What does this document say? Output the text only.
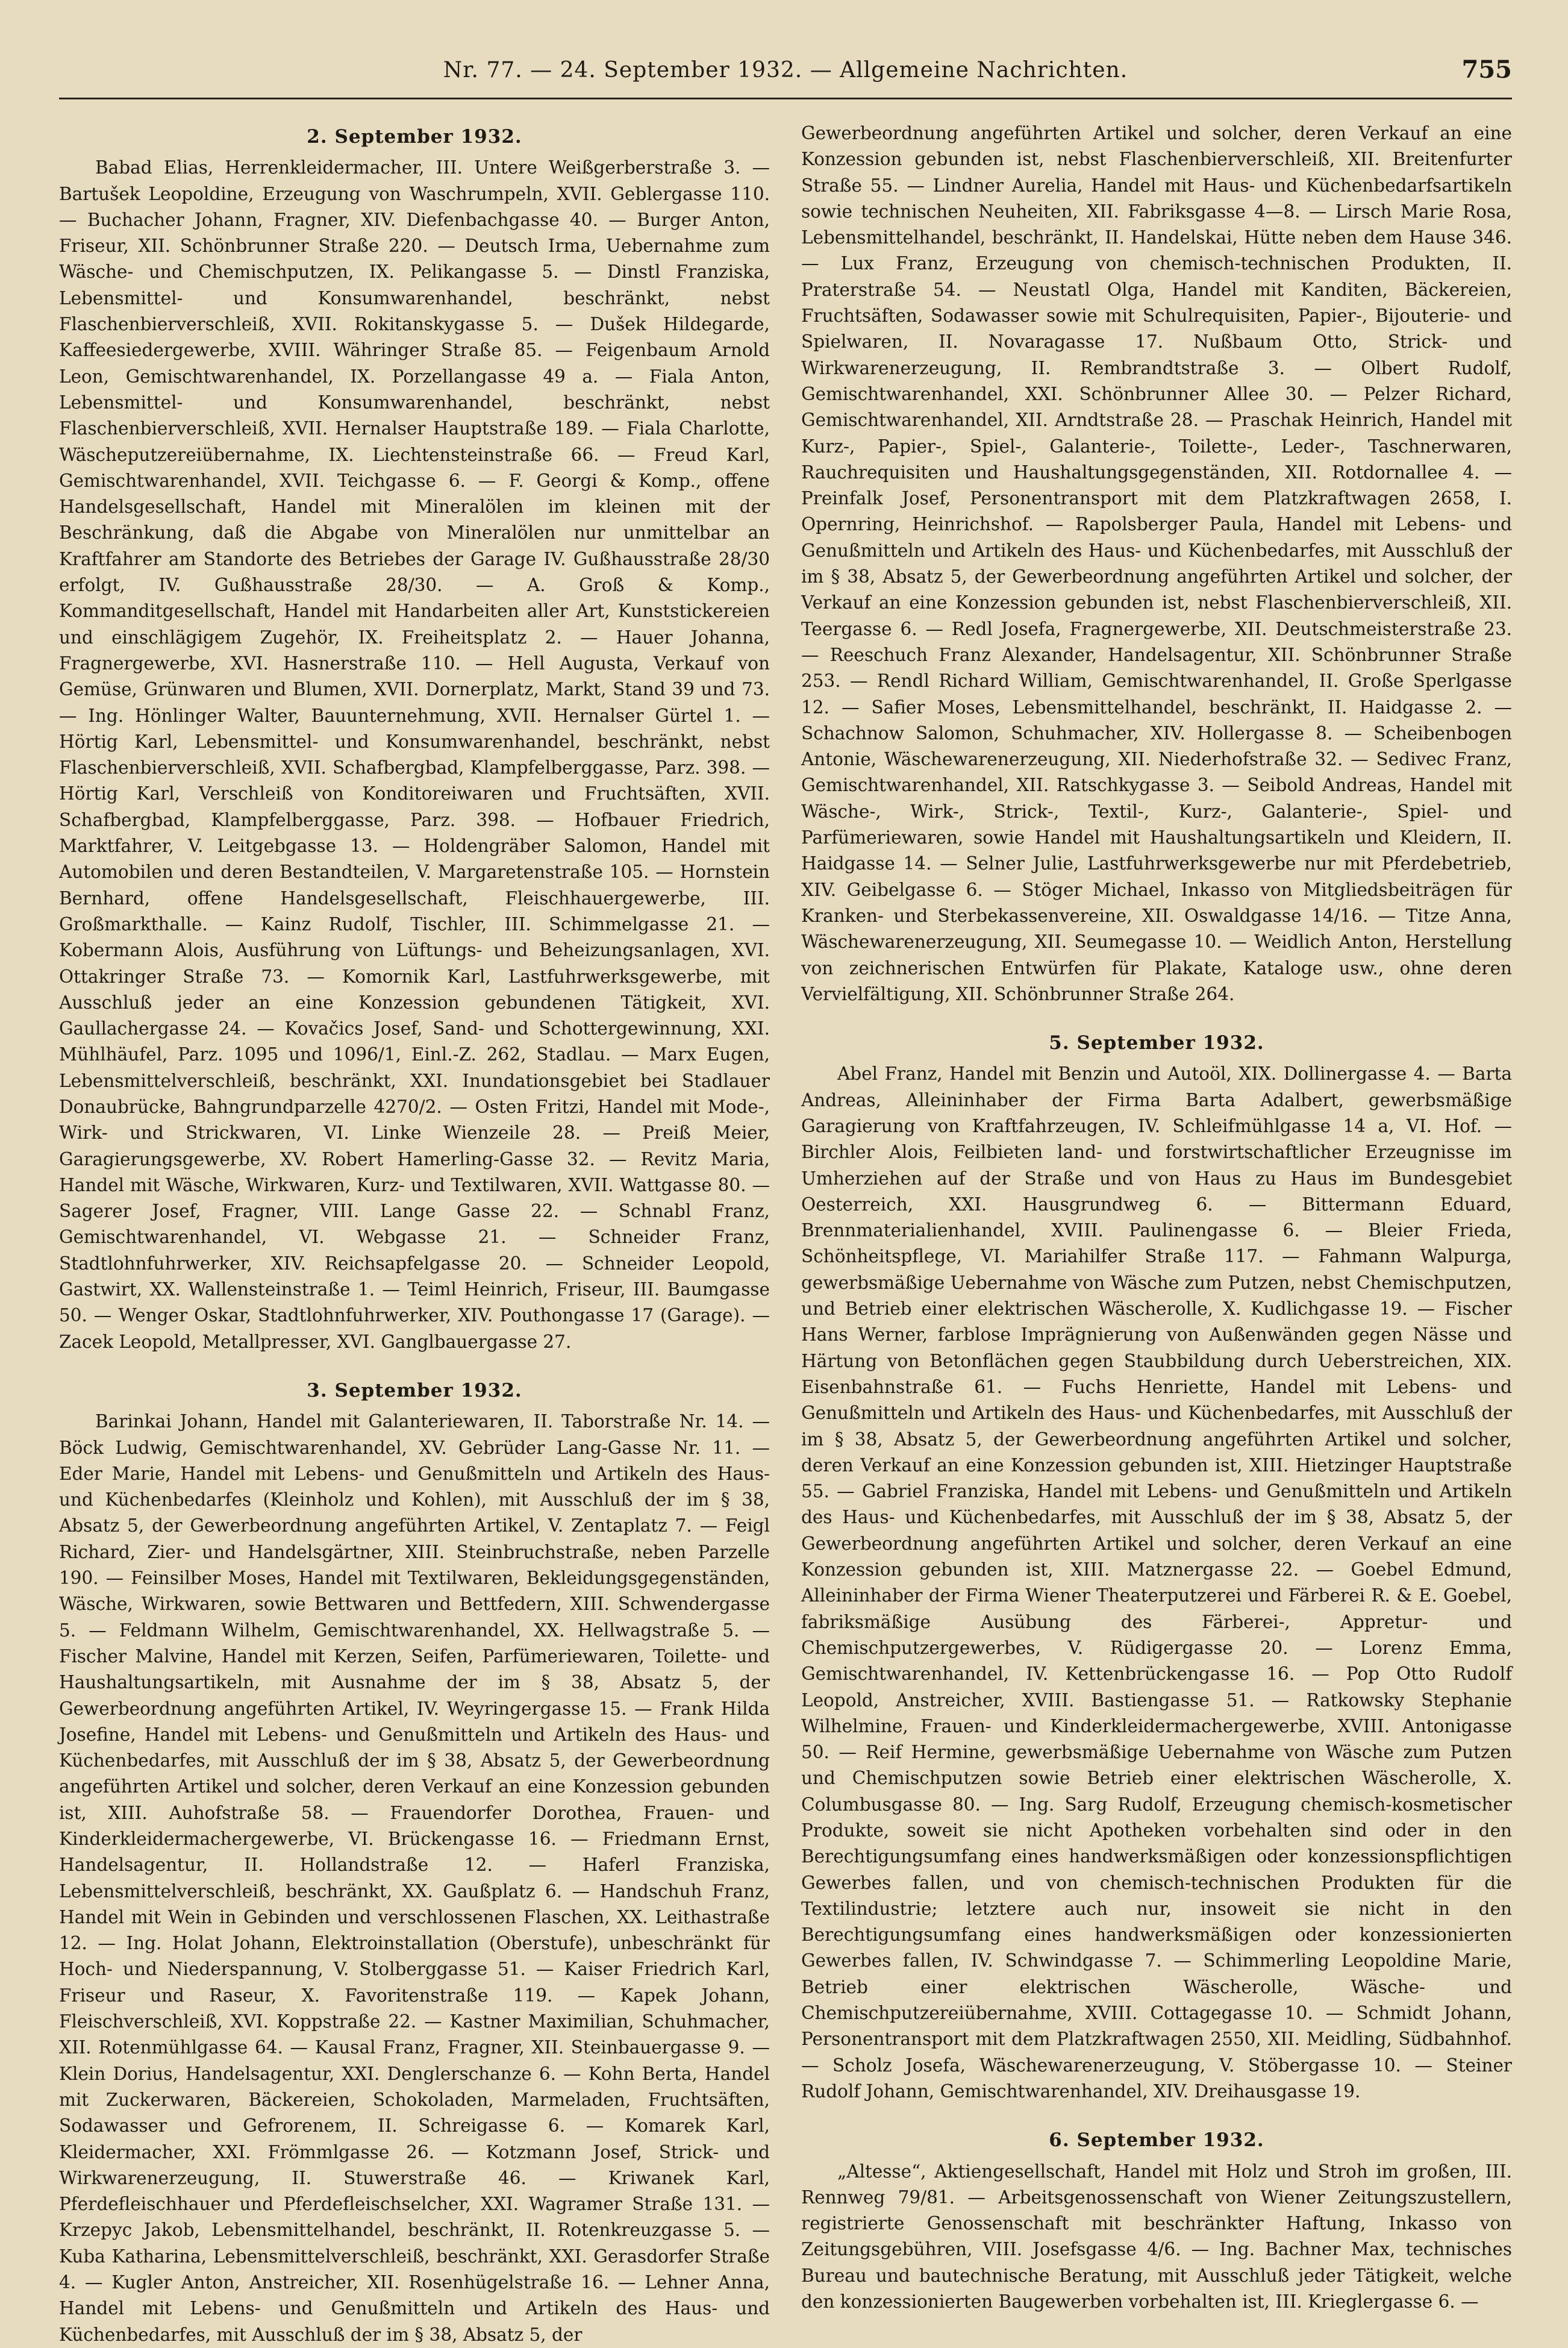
Nr. 77. — 24. September 1932. — Allgemeine Nachrichten.	755
2. September 1932.

Babad Elias, Herrenkleidermacher, III. Untere Weißgerberstraße 3. — Bartušek Leopoldine, Erzeugung von Waschrumpeln, XVII. Geblergasse 110. — Buchacher Johann, Fragner, XIV. Diefenbachgasse 40. — Burger Anton, Friseur, XII. Schönbrunner Straße 220. — Deutsch Irma, Uebernahme zum Wäsche- und Chemischputzen, IX. Pelikangasse 5. — Dinstl Franziska, Lebensmittel- und Konsumwarenhandel, beschränkt, nebst Flaschenbierverschleiß, XVII. Rokitanskygasse 5. — Dušek Hildegarde, Kaffeesiedergewerbe, XVIII. Währinger Straße 85. — Feigenbaum Arnold Leon, Gemischtwarenhandel, IX. Porzellangasse 49 a. — Fiala Anton, Lebensmittel- und Konsumwarenhandel, beschränkt, nebst Flaschenbierverschleiß, XVII. Hernalser Hauptstraße 189. — Fiala Charlotte, Wäscheputzereiübernahme, IX. Liechtensteinstraße 66. — Freud Karl, Gemischtwarenhandel, XVII. Teichgasse 6. — F. Georgi & Komp., offene Handelsgesellschaft, Handel mit Mineralölen im kleinen mit der Beschränkung, daß die Abgabe von Mineralölen nur unmittelbar an Kraftfahrer am Standorte des Betriebes der Garage IV. Gußhausstraße 28/30 erfolgt, IV. Gußhausstraße 28/30. — A. Groß & Komp., Kommanditgesellschaft, Handel mit Handarbeiten aller Art, Kunststickereien und einschlägigem Zugehör, IX. Freiheitsplatz 2. — Hauer Johanna, Fragnergewerbe, XVI. Hasnerstraße 110. — Hell Augusta, Verkauf von Gemüse, Grünwaren und Blumen, XVII. Dornerplatz, Markt, Stand 39 und 73. — Ing. Hönlinger Walter, Bauunternehmung, XVII. Hernalser Gürtel 1. — Hörtig Karl, Lebensmittel- und Konsumwarenhandel, beschränkt, nebst Flaschenbierverschleiß, XVII. Schafbergbad, Klampfelberggasse, Parz. 398. — Hörtig Karl, Verschleiß von Konditoreiwaren und Fruchtsäften, XVII. Schafbergbad, Klampfelberggasse, Parz. 398. — Hofbauer Friedrich, Marktfahrer, V. Leitgebgasse 13. — Holdengräber Salomon, Handel mit Automobilen und deren Bestandteilen, V. Margaretenstraße 105. — Hornstein Bernhard, offene Handelsgesellschaft, Fleischhauergewerbe, III. Großmarkthalle. — Kainz Rudolf, Tischler, III. Schimmelgasse 21. — Kobermann Alois, Ausführung von Lüftungs- und Beheizungsanlagen, XVI. Ottakringer Straße 73. — Komornik Karl, Lastfuhrwerksgewerbe, mit Ausschluß jeder an eine Konzession gebundenen Tätigkeit, XVI. Gaullachergasse 24. — Kovačics Josef, Sand- und Schottergewinnung, XXI. Mühlhäufel, Parz. 1095 und 1096/1, Einl.-Z. 262, Stadlau. — Marx Eugen, Lebensmittelverschleiß, beschränkt, XXI. Inundationsgebiet bei Stadlauer Donaubrücke, Bahngrundparzelle 4270/2. — Osten Fritzi, Handel mit Mode-, Wirk- und Strickwaren, VI. Linke Wienzeile 28. — Preiß Meier, Garagierungsgewerbe, XV. Robert Hamerling-Gasse 32. — Revitz Maria, Handel mit Wäsche, Wirkwaren, Kurz- und Textilwaren, XVII. Wattgasse 80. — Sagerer Josef, Fragner, VIII. Lange Gasse 22. — Schnabl Franz, Gemischtwarenhandel, VI. Webgasse 21. — Schneider Franz, Stadtlohnfuhrwerker, XIV. Reichsapfelgasse 20. — Schneider Leopold, Gastwirt, XX. Wallensteinstraße 1. — Teiml Heinrich, Friseur, III. Baumgasse 50. — Wenger Oskar, Stadtlohnfuhrwerker, XIV. Pouthongasse 17 (Garage). — Zacek Leopold, Metallpresser, XVI. Ganglbauergasse 27.

3. September 1932.

Barinkai Johann, Handel mit Galanteriewaren, II. Taborstraße Nr. 14. — Böck Ludwig, Gemischtwarenhandel, XV. Gebrüder Lang-Gasse Nr. 11. — Eder Marie, Handel mit Lebens- und Genußmitteln und Artikeln des Haus- und Küchenbedarfes (Kleinholz und Kohlen), mit Ausschluß der im § 38, Absatz 5, der Gewerbeordnung angeführten Artikel, V. Zentaplatz 7. — Feigl Richard, Zier- und Handelsgärtner, XIII. Steinbruchstraße, neben Parzelle 190. — Feinsilber Moses, Handel mit Textilwaren, Bekleidungsgegenständen, Wäsche, Wirkwaren, sowie Bettwaren und Bettfedern, XIII. Schwendergasse 5. — Feldmann Wilhelm, Gemischtwarenhandel, XX. Hellwagstraße 5. — Fischer Malvine, Handel mit Kerzen, Seifen, Parfümeriewaren, Toilette- und Haushaltungsartikeln, mit Ausnahme der im § 38, Absatz 5, der Gewerbeordnung angeführten Artikel, IV. Weyringergasse 15. — Frank Hilda Josefine, Handel mit Lebens- und Genußmitteln und Artikeln des Haus- und Küchenbedarfes, mit Ausschluß der im § 38, Absatz 5, der Gewerbeordnung angeführten Artikel und solcher, deren Verkauf an eine Konzession gebunden ist, XIII. Auhofstraße 58. — Frauendorfer Dorothea, Frauen- und Kinderkleidermachergewerbe, VI. Brückengasse 16. — Friedmann Ernst, Handelsagentur, II. Hollandstraße 12. — Haferl Franziska, Lebensmittelverschleiß, beschränkt, XX. Gaußplatz 6. — Handschuh Franz, Handel mit Wein in Gebinden und verschlossenen Flaschen, XX. Leithastraße 12. — Ing. Holat Johann, Elektroinstallation (Oberstufe), unbeschränkt für Hoch- und Niederspannung, V. Stolberggasse 51. — Kaiser Friedrich Karl, Friseur und Raseur, X. Favoritenstraße 119. — Kapek Johann, Fleischverschleiß, XVI. Koppstraße 22. — Kastner Maximilian, Schuhmacher, XII. Rotenmühlgasse 64. — Kausal Franz, Fragner, XII. Steinbauergasse 9. — Klein Dorius, Handelsagentur, XXI. Denglerschanze 6. — Kohn Berta, Handel mit Zuckerwaren, Bäckereien, Schokoladen, Marmeladen, Fruchtsäften, Sodawasser und Gefrorenem, II. Schreigasse 6. — Komarek Karl, Kleidermacher, XXI. Frömmlgasse 26. — Kotzmann Josef, Strick- und Wirkwarenerzeugung, II. Stuwerstraße 46. — Kriwanek Karl, Pferdefleischhauer und Pferdefleischselcher, XXI. Wagramer Straße 131. — Krzepyc Jakob, Lebensmittelhandel, beschränkt, II. Rotenkreuzgasse 5. — Kuba Katharina, Lebensmittelverschleiß, beschränkt, XXI. Gerasdorfer Straße 4. — Kugler Anton, Anstreicher, XII. Rosenhügelstraße 16. — Lehner Anna, Handel mit Lebens- und Genußmitteln und Artikeln des Haus- und Küchenbedarfes, mit Ausschluß der im § 38, Absatz 5, der

Gewerbeordnung angeführten Artikel und solcher, deren Verkauf an eine Konzession gebunden ist, nebst Flaschenbierverschleiß, XII. Breitenfurter Straße 55. — Lindner Aurelia, Handel mit Haus- und Küchenbedarfsartikeln sowie technischen Neuheiten, XII. Fabriksgasse 4—8. — Lirsch Marie Rosa, Lebensmittelhandel, beschränkt, II. Handelskai, Hütte neben dem Hause 346. — Lux Franz, Erzeugung von chemisch-technischen Produkten, II. Praterstraße 54. — Neustatl Olga, Handel mit Kanditen, Bäckereien, Fruchtsäften, Sodawasser sowie mit Schulrequisiten, Papier-, Bijouterie- und Spielwaren, II. Novaragasse 17. Nußbaum Otto, Strick- und Wirkwarenerzeugung, II. Rembrandtstraße 3. — Olbert Rudolf, Gemischtwarenhandel, XXI. Schönbrunner Allee 30. — Pelzer Richard, Gemischtwarenhandel, XII. Arndtstraße 28. — Praschak Heinrich, Handel mit Kurz-, Papier-, Spiel-, Galanterie-, Toilette-, Leder-, Taschnerwaren, Rauchrequisiten und Haushaltungsgegenständen, XII. Rotdornallee 4. — Preinfalk Josef, Personentransport mit dem Platzkraftwagen 2658, I. Opernring, Heinrichshof. — Rapolsberger Paula, Handel mit Lebens- und Genußmitteln und Artikeln des Haus- und Küchenbedarfes, mit Ausschluß der im § 38, Absatz 5, der Gewerbeordnung angeführten Artikel und solcher, der Verkauf an eine Konzession gebunden ist, nebst Flaschenbierverschleiß, XII. Teergasse 6. — Redl Josefa, Fragnergewerbe, XII. Deutschmeisterstraße 23. — Reeschuch Franz Alexander, Handelsagentur, XII. Schönbrunner Straße 253. — Rendl Richard William, Gemischtwarenhandel, II. Große Sperlgasse 12. — Safier Moses, Lebensmittelhandel, beschränkt, II. Haidgasse 2. — Schachnow Salomon, Schuhmacher, XIV. Hollergasse 8. — Scheibenbogen Antonie, Wäschewarenerzeugung, XII. Niederhofstraße 32. — Sedivec Franz, Gemischtwarenhandel, XII. Ratschkygasse 3. — Seibold Andreas, Handel mit Wäsche-, Wirk-, Strick-, Textil-, Kurz-, Galanterie-, Spiel- und Parfümeriewaren, sowie Handel mit Haushaltungsartikeln und Kleidern, II. Haidgasse 14. — Selner Julie, Lastfuhrwerksgewerbe nur mit Pferdebetrieb, XIV. Geibelgasse 6. — Stöger Michael, Inkasso von Mitgliedsbeiträgen für Kranken- und Sterbekassenvereine, XII. Oswaldgasse 14/16. — Titze Anna, Wäschewarenerzeugung, XII. Seumegasse 10. — Weidlich Anton, Herstellung von zeichnerischen Entwürfen für Plakate, Kataloge usw., ohne deren Vervielfältigung, XII. Schönbrunner Straße 264.

5. September 1932.

Abel Franz, Handel mit Benzin und Autoöl, XIX. Dollinergasse 4. — Barta Andreas, Alleininhaber der Firma Barta Adalbert, gewerbsmäßige Garagierung von Kraftfahrzeugen, IV. Schleifmühlgasse 14 a, VI. Hof. — Birchler Alois, Feilbieten land- und forstwirtschaftlicher Erzeugnisse im Umherziehen auf der Straße und von Haus zu Haus im Bundesgebiet Oesterreich, XXI. Hausgrundweg 6. — Bittermann Eduard, Brennmaterialienhandel, XVIII. Paulinengasse 6. — Bleier Frieda, Schönheitspflege, VI. Mariahilfer Straße 117. — Fahmann Walpurga, gewerbsmäßige Uebernahme von Wäsche zum Putzen, nebst Chemischputzen, und Betrieb einer elektrischen Wäscherolle, X. Kudlichgasse 19. — Fischer Hans Werner, farblose Imprägnierung von Außenwänden gegen Nässe und Härtung von Betonflächen gegen Staubbildung durch Ueberstreichen, XIX. Eisenbahnstraße 61. — Fuchs Henriette, Handel mit Lebens- und Genußmitteln und Artikeln des Haus- und Küchenbedarfes, mit Ausschluß der im § 38, Absatz 5, der Gewerbeordnung angeführten Artikel und solcher, deren Verkauf an eine Konzession gebunden ist, XIII. Hietzinger Hauptstraße 55. — Gabriel Franziska, Handel mit Lebens- und Genußmitteln und Artikeln des Haus- und Küchenbedarfes, mit Ausschluß der im § 38, Absatz 5, der Gewerbeordnung angeführten Artikel und solcher, deren Verkauf an eine Konzession gebunden ist, XIII. Matznergasse 22. — Goebel Edmund, Alleininhaber der Firma Wiener Theaterputzerei und Färberei R. & E. Goebel, fabriksmäßige Ausübung des Färberei-, Appretur- und Chemischputzergewerbes, V. Rüdigergasse 20. — Lorenz Emma, Gemischtwarenhandel, IV. Kettenbrückengasse 16. — Pop Otto Rudolf Leopold, Anstreicher, XVIII. Bastiengasse 51. — Ratkowsky Stephanie Wilhelmine, Frauen- und Kinderkleidermachergewerbe, XVIII. Antonigasse 50. — Reif Hermine, gewerbsmäßige Uebernahme von Wäsche zum Putzen und Chemischputzen sowie Betrieb einer elektrischen Wäscherolle, X. Columbusgasse 80. — Ing. Sarg Rudolf, Erzeugung chemisch-kosmetischer Produkte, soweit sie nicht Apotheken vorbehalten sind oder in den Berechtigungsumfang eines handwerksmäßigen oder konzessionspflichtigen Gewerbes fallen, und von chemisch-technischen Produkten für die Textilindustrie; letztere auch nur, insoweit sie nicht in den Berechtigungsumfang eines handwerksmäßigen oder konzessionierten Gewerbes fallen, IV. Schwindgasse 7. — Schimmerling Leopoldine Marie, Betrieb einer elektrischen Wäscherolle, Wäsche- und Chemischputzereiübernahme, XVIII. Cottagegasse 10. — Schmidt Johann, Personentransport mit dem Platzkraftwagen 2550, XII. Meidling, Südbahnhof. — Scholz Josefa, Wäschewarenerzeugung, V. Stöbergasse 10. — Steiner Rudolf Johann, Gemischtwarenhandel, XIV. Dreihausgasse 19.

6. September 1932.

„Altesse“, Aktiengesellschaft, Handel mit Holz und Stroh im großen, III. Rennweg 79/81. — Arbeitsgenossenschaft von Wiener Zeitungszustellern, registrierte Genossenschaft mit beschränkter Haftung, Inkasso von Zeitungsgebühren, VIII. Josefsgasse 4/6. — Ing. Bachner Max, technisches Bureau und bautechnische Beratung, mit Ausschluß jeder Tätigkeit, welche den konzessionierten Baugewerben vorbehalten ist, III. Krieglergasse 6. —
